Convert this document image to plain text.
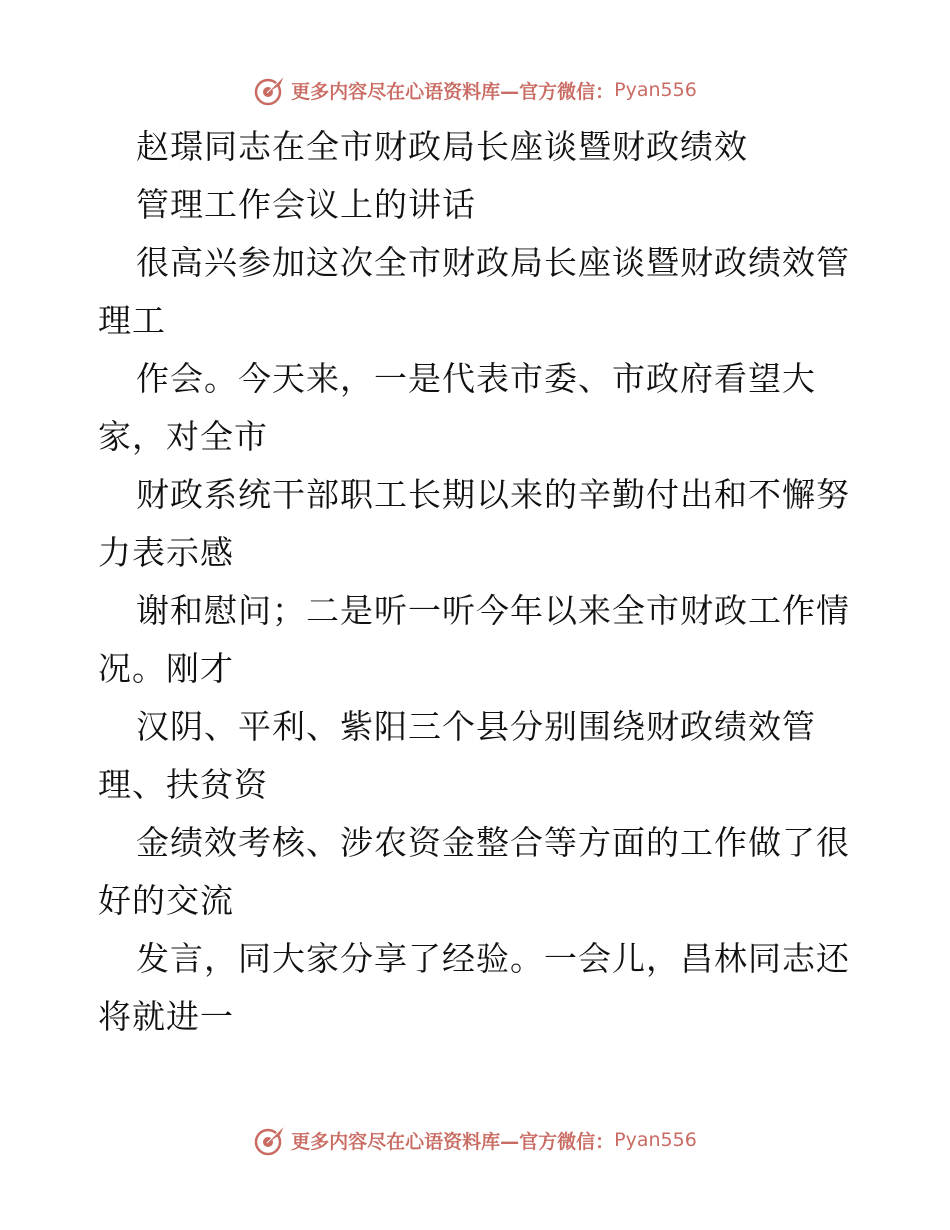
更多内容尽在心语资料库—官方微信： Pyan556
赵璟同志在全市财政局长座谈暨财政绩效
管理工作会议上的讲话
很高兴参加这次全市财政局长座谈暨财政绩效管
理工
作会。今天来，一是代表市委、市政府看望大
家，对全市
财政系统干部职工长期以来的辛勤付出和不懈努
力表示感
谢和慰问；二是听一听今年以来全市财政工作情
况。刚才
汉阴、平利、紫阳三个县分别围绕财政绩效管
理、扶贫资
金绩效考核、涉农资金整合等方面的工作做了很
好的交流
发言，同大家分享了经验。一会儿，昌林同志还
将就进一
更多内容尽在心语资料库—官方微信： Pyan556
